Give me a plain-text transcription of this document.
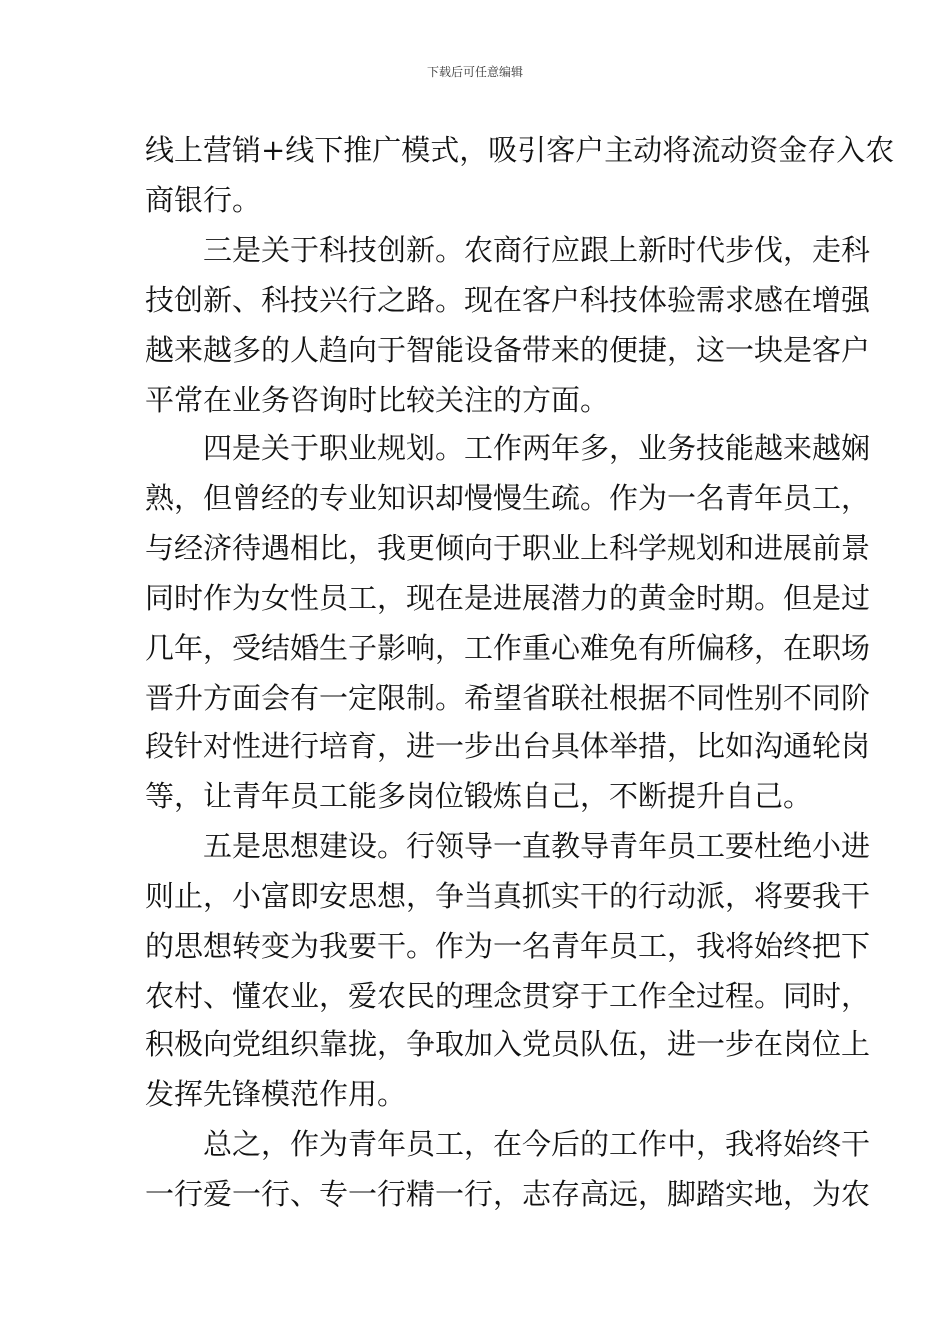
下载后可任意编辑
线上营销+线下推广模式，吸引客户主动将流动资金存入农
商银行。
　　三是关于科技创新。农商行应跟上新时代步伐，走科
技创新、科技兴行之路。现在客户科技体验需求感在增强
越来越多的人趋向于智能设备带来的便捷，这一块是客户
平常在业务咨询时比较关注的方面。
　　四是关于职业规划。工作两年多，业务技能越来越娴
熟，但曾经的专业知识却慢慢生疏。作为一名青年员工，
与经济待遇相比，我更倾向于职业上科学规划和进展前景
同时作为女性员工，现在是进展潜力的黄金时期。但是过
几年，受结婚生子影响，工作重心难免有所偏移，在职场
晋升方面会有一定限制。希望省联社根据不同性别不同阶
段针对性进行培育，进一步出台具体举措，比如沟通轮岗
等，让青年员工能多岗位锻炼自己，不断提升自己。
　　五是思想建设。行领导一直教导青年员工要杜绝小进
则止，小富即安思想，争当真抓实干的行动派，将要我干
的思想转变为我要干。作为一名青年员工，我将始终把下
农村、懂农业，爱农民的理念贯穿于工作全过程。同时，
积极向党组织靠拢，争取加入党员队伍，进一步在岗位上
发挥先锋模范作用。
　　总之，作为青年员工，在今后的工作中，我将始终干
一行爱一行、专一行精一行，志存高远，脚踏实地，为农
